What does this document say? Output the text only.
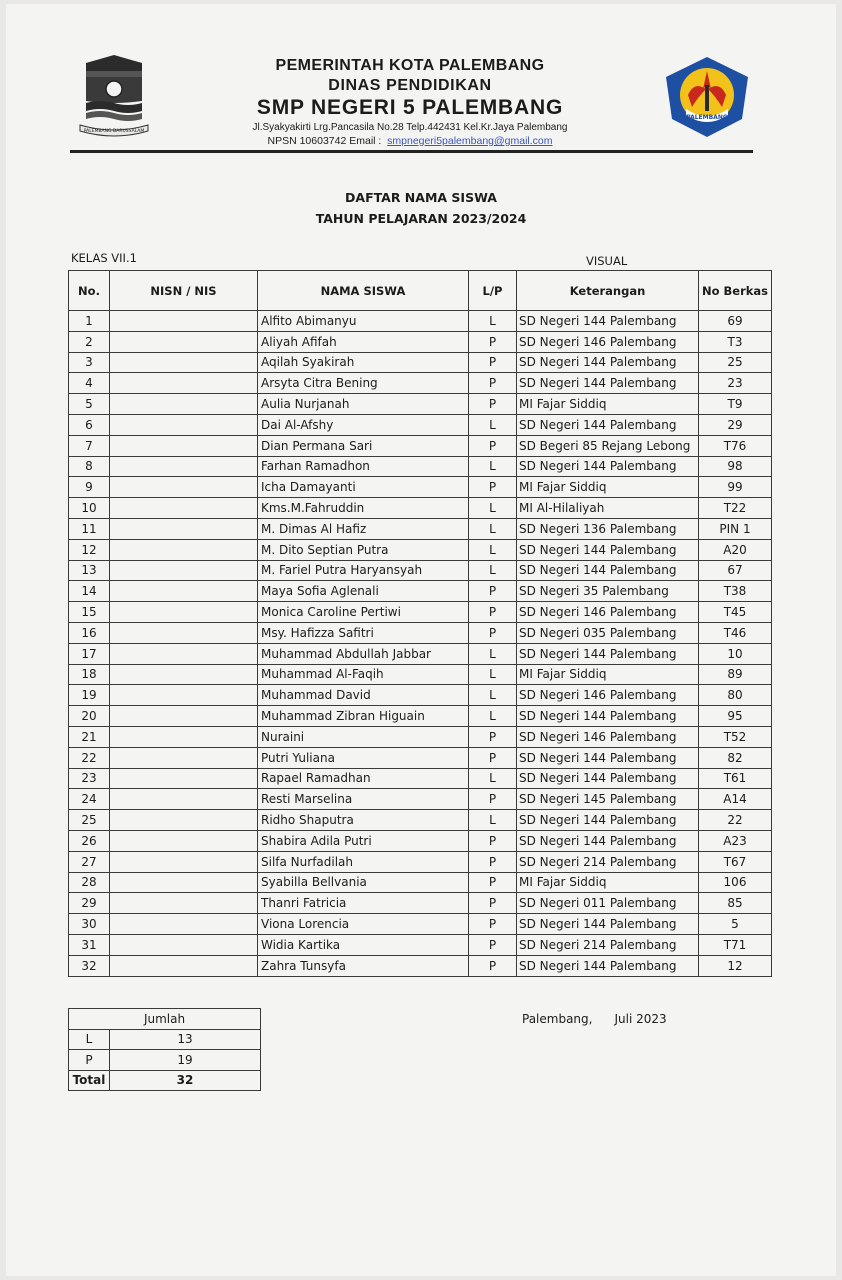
PALEMBANG DARUSSALAM
PALEMBANG
PEMERINTAH KOTA PALEMBANG
DINAS PENDIDIKAN
SMP NEGERI 5 PALEMBANG
Jl.Syakyakirti Lrg.Pancasila No.28 Telp.442431 Kel.Kr.Jaya Palembang
NPSN 10603742 Email : smpnegeri5palembang@gmail.com
DAFTAR NAMA SISWA
TAHUN PELAJARAN 2023/2024
KELAS VII.1	VISUAL
No.	NISN / NIS	NAMA SISWA	L/P	Keterangan	No Berkas
1		Alfito Abimanyu	L	SD Negeri 144 Palembang	69
2		Aliyah Afifah	P	SD Negeri 146 Palembang	T3
3		Aqilah Syakirah	P	SD Negeri 144 Palembang	25
4		Arsyta Citra Bening	P	SD Negeri 144 Palembang	23
5		Aulia Nurjanah	P	MI Fajar Siddiq	T9
6		Dai Al-Afshy	L	SD Negeri 144 Palembang	29
7		Dian Permana Sari	P	SD Begeri 85 Rejang Lebong	T76
8		Farhan Ramadhon	L	SD Negeri 144 Palembang	98
9		Icha Damayanti	P	MI Fajar Siddiq	99
10		Kms.M.Fahruddin	L	MI Al-Hilaliyah	T22
11		M. Dimas Al Hafiz	L	SD Negeri 136 Palembang	PIN 1
12		M. Dito Septian Putra	L	SD Negeri 144 Palembang	A20
13		M. Fariel Putra Haryansyah	L	SD Negeri 144 Palembang	67
14		Maya Sofia Aglenali	P	SD Negeri 35 Palembang	T38
15		Monica Caroline Pertiwi	P	SD Negeri 146 Palembang	T45
16		Msy. Hafizza Safitri	P	SD Negeri 035 Palembang	T46
17		Muhammad Abdullah Jabbar	L	SD Negeri 144 Palembang	10
18		Muhammad Al-Faqih	L	MI Fajar Siddiq	89
19		Muhammad David	L	SD Negeri 146 Palembang	80
20		Muhammad Zibran Higuain	L	SD Negeri 144 Palembang	95
21		Nuraini	P	SD Negeri 146 Palembang	T52
22		Putri Yuliana	P	SD Negeri 144 Palembang	82
23		Rapael Ramadhan	L	SD Negeri 144 Palembang	T61
24		Resti Marselina	P	SD Negeri 145 Palembang	A14
25		Ridho Shaputra	L	SD Negeri 144 Palembang	22
26		Shabira Adila Putri	P	SD Negeri 144 Palembang	A23
27		Silfa Nurfadilah	P	SD Negeri 214 Palembang	T67
28		Syabilla Bellvania	P	MI Fajar Siddiq	106
29		Thanri Fatricia	P	SD Negeri 011 Palembang	85
30		Viona Lorencia	P	SD Negeri 144 Palembang	5
31		Widia Kartika	P	SD Negeri 214 Palembang	T71
32		Zahra Tunsyfa	P	SD Negeri 144 Palembang	12
Jumlah	
L	13
P	19
Total	32
Palembang, Juli 2023
